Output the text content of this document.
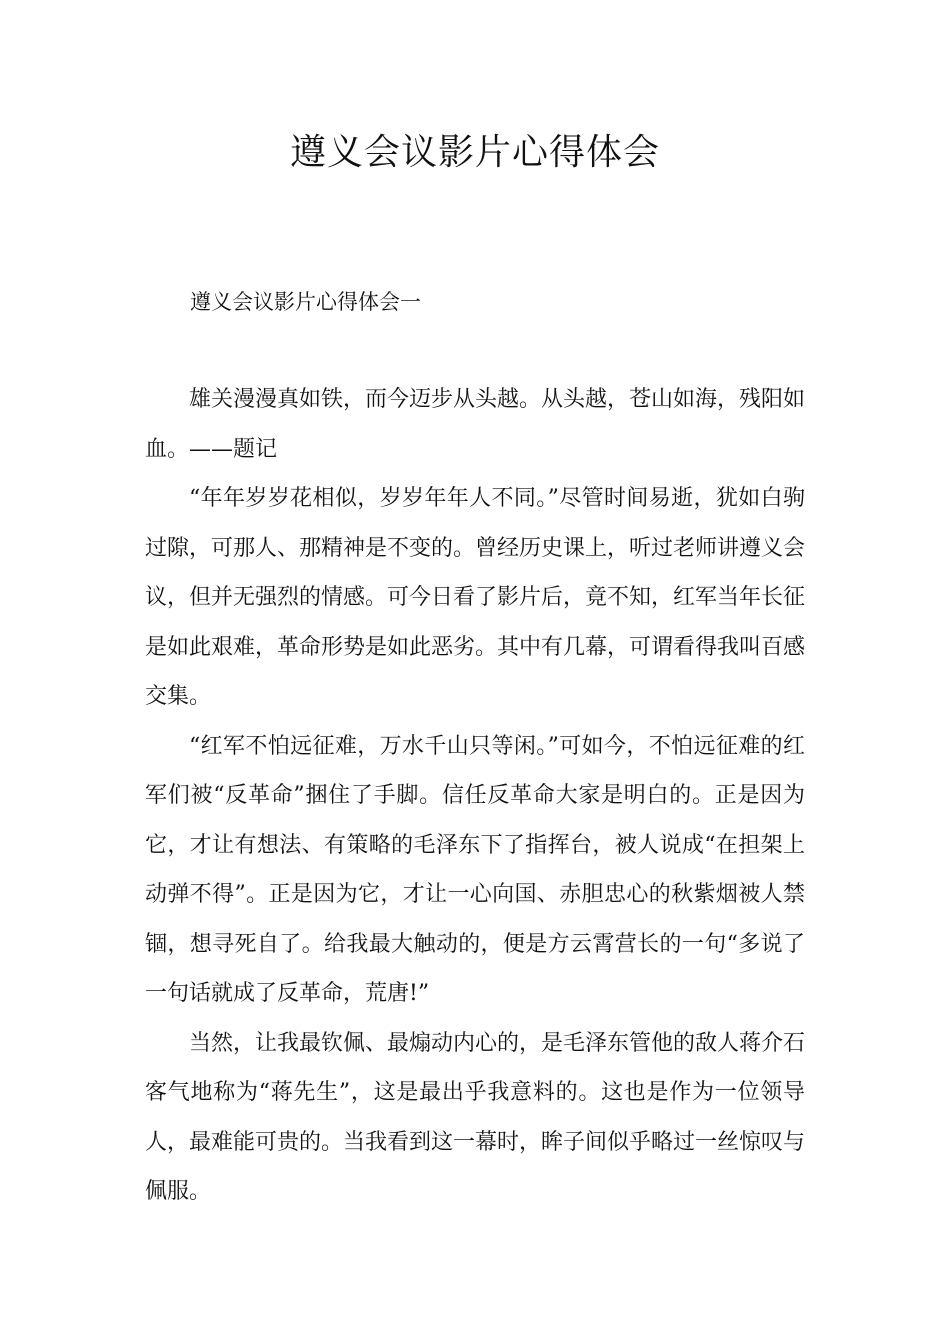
遵义会议影片心得体会
遵义会议影片心得体会一

雄关漫漫真如铁，而今迈步从头越。从头越，苍山如海，残阳如血。——题记

“年年岁岁花相似，岁岁年年人不同。”尽管时间易逝，犹如白驹过隙，可那人、那精神是不变的。曾经历史课上，听过老师讲遵义会议，但并无强烈的情感。可今日看了影片后，竟不知，红军当年长征是如此艰难，革命形势是如此恶劣。其中有几幕，可谓看得我叫百感交集。

“红军不怕远征难，万水千山只等闲。”可如今，不怕远征难的红军们被“反革命”捆住了手脚。信任反革命大家是明白的。正是因为它，才让有想法、有策略的毛泽东下了指挥台，被人说成“在担架上动弹不得”。正是因为它，才让一心向国、赤胆忠心的秋紫烟被人禁锢，想寻死自了。给我最大触动的，便是方云霄营长的一句“多说了一句话就成了反革命，荒唐!”

当然，让我最钦佩、最煽动内心的，是毛泽东管他的敌人蒋介石客气地称为“蒋先生”，这是最出乎我意料的。这也是作为一位领导人，最难能可贵的。当我看到这一幕时，眸子间似乎略过一丝惊叹与佩服。
